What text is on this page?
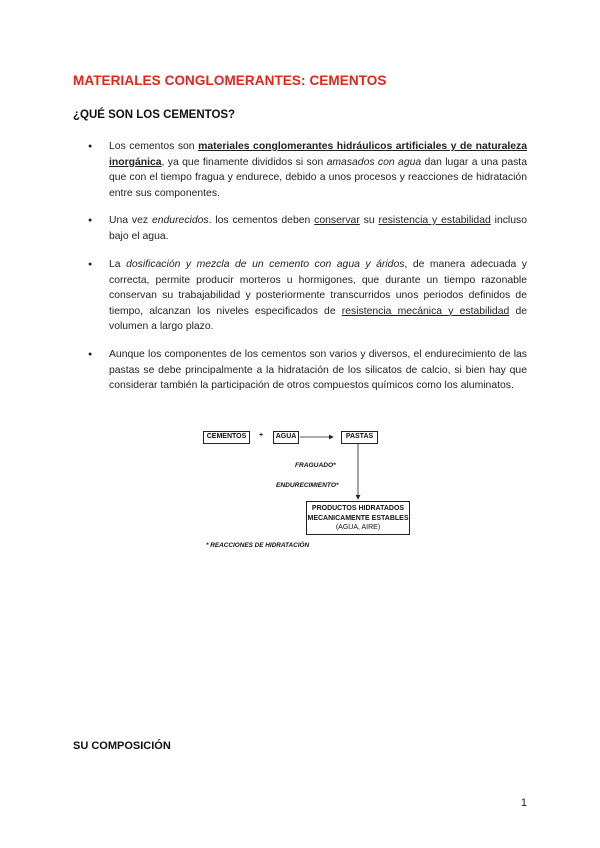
MATERIALES CONGLOMERANTES: CEMENTOS
¿QUÉ SON LOS CEMENTOS?
● Los cementos son materiales conglomerantes hidráulicos artificiales y de naturaleza inorgánica, ya que finamente divididos si son amasados con agua dan lugar a una pasta que con el tiempo fragua y endurece, debido a unos procesos y reacciones de hidratación entre sus componentes.
● Una vez endurecidos. los cementos deben conservar su resistencia y estabilidad incluso bajo el agua.
● La dosificación y mezcla de un cemento con agua y áridos, de manera adecuada y correcta, permite producir morteros u hormigones, que durante un tiempo razonable conservan su trabajabilidad y posteriormente transcurridos unos periodos definidos de tiempo, alcanzan los niveles especificados de resistencia mecánica y estabilidad de volumen a largo plazo.
● Aunque los componentes de los cementos son varios y diversos, el endurecimiento de las pastas se debe principalmente a la hidratación de los silicatos de calcio, si bien hay que considerar también la participación de otros compuestos químicos como los aluminatos.
CEMENTOS	+	AGUA	PASTAS
FRAGUADO*
ENDURECIMIENTO*
PRODUCTOS HIDRATADOS
MECANICAMENTE ESTABLES
(AGUA, AIRE)
* REACCIONES DE HIDRATACIÓN
SU COMPOSICIÓN
1
